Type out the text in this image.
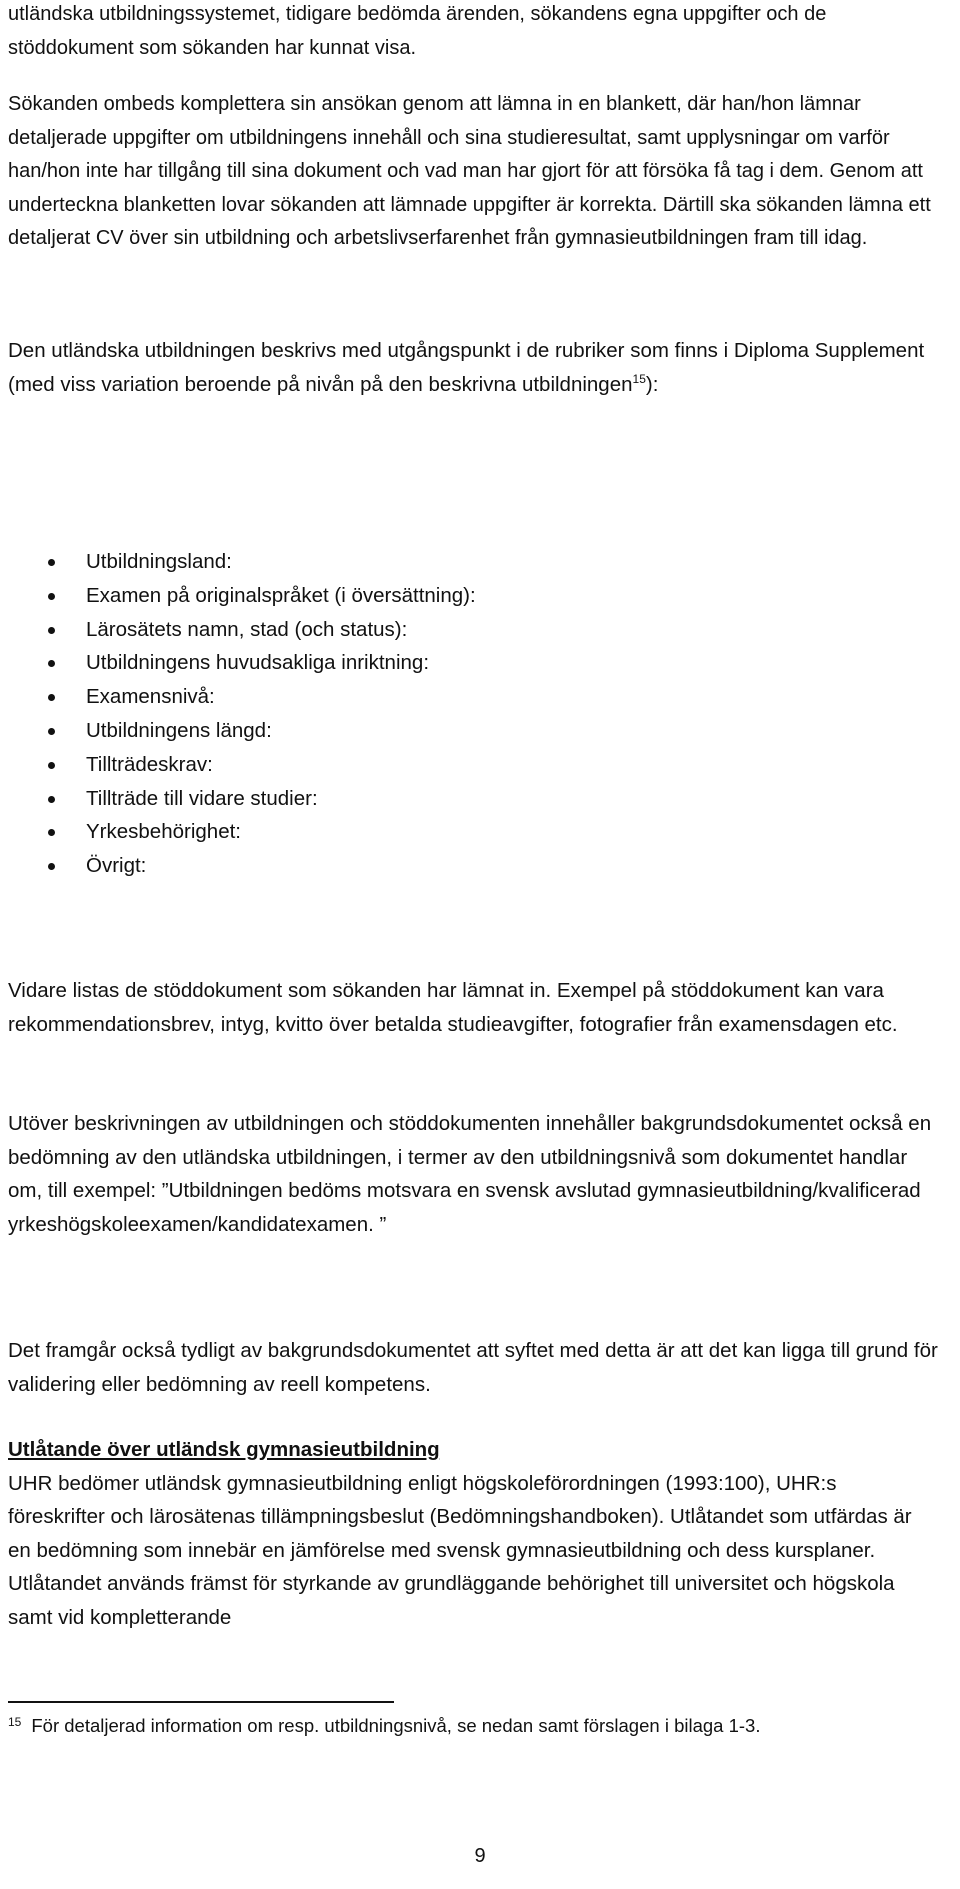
utländska utbildningssystemet, tidigare bedömda ärenden, sökandens egna uppgifter och de stöddokument som sökanden har kunnat visa.

Sökanden ombeds komplettera sin ansökan genom att lämna in en blankett, där han/hon lämnar detaljerade uppgifter om utbildningens innehåll och sina studieresultat, samt upplysningar om varför han/hon inte har tillgång till sina dokument och vad man har gjort för att försöka få tag i dem. Genom att underteckna blanketten lovar sökanden att lämnade uppgifter är korrekta. Därtill ska sökanden lämna ett detaljerat CV över sin utbildning och arbetslivserfarenhet från gymnasieutbildningen fram till idag.

Den utländska utbildningen beskrivs med utgångspunkt i de rubriker som finns i Diploma Supplement (med viss variation beroende på nivån på den beskrivna utbildningen$^{15}$):

Utbildningsland:
Examen på originalspråket (i översättning):
Lärosätets namn, stad (och status):
Utbildningens huvudsakliga inriktning:
Examensnivå:
Utbildningens längd:
Tillträdeskrav:
Tillträde till vidare studier:
Yrkesbehörighet:
Övrigt:

Vidare listas de stöddokument som sökanden har lämnat in. Exempel på stöddokument kan vara rekommendationsbrev, intyg, kvitto över betalda studieavgifter, fotografier från examensdagen etc.

Utöver beskrivningen av utbildningen och stöddokumenten innehåller bakgrundsdokumentet också en bedömning av den utländska utbildningen, i termer av den utbildningsnivå som dokumentet handlar om, till exempel: ”Utbildningen bedöms motsvara en svensk avslutad gymnasieutbildning/kvalificerad yrkeshögskoleexamen/kandidatexamen. ”

Det framgår också tydligt av bakgrundsdokumentet att syftet med detta är att det kan ligga till grund för validering eller bedömning av reell kompetens.

Utlåtande över utländsk gymnasieutbildning
UHR bedömer utländsk gymnasieutbildning enligt högskoleförordningen (1993:100), UHR:s föreskrifter och lärosätenas tillämpningsbeslut (Bedömningshandboken). Utlåtandet som utfärdas är en bedömning som innebär en jämförelse med svensk gymnasieutbildning och dess kursplaner. Utlåtandet används främst för styrkande av grundläggande behörighet till universitet och högskola samt vid kompletterande

$^{15}$ För detaljerad information om resp. utbildningsnivå, se nedan samt förslagen i bilaga 1-3.
9
